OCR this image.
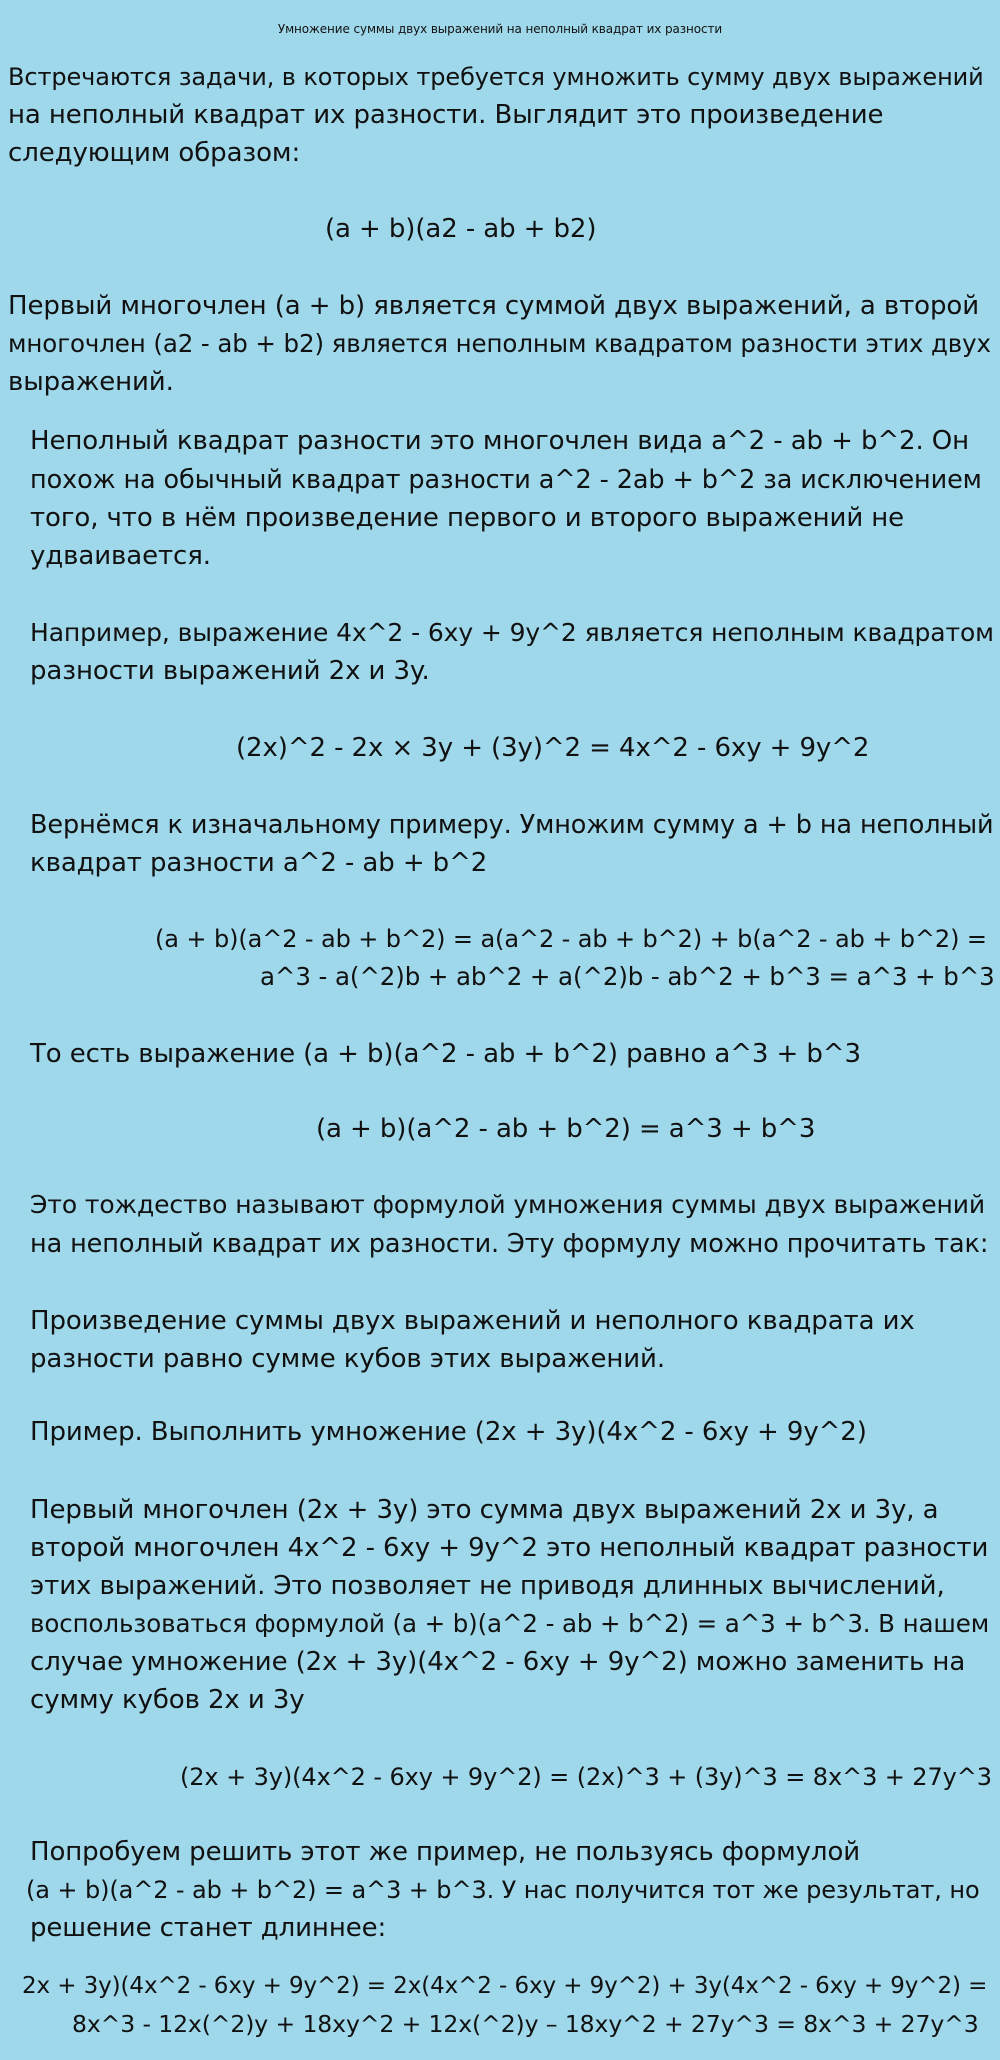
Умножение суммы двух выражений на неполный квадрат их разности
Встречаются задачи, в которых требуется умножить сумму двух выражений
на неполный квадрат их разности. Выглядит это произведение
следующим образом:
(a + b)(a2 - ab + b2)
Первый многочлен (a + b) является суммой двух выражений, а второй
многочлен (a2 - ab + b2) является неполным квадратом разности этих двух
выражений.
Неполный квадрат разности это многочлен вида a^2 - ab + b^2. Он
похож на обычный квадрат разности a^2 - 2ab + b^2 за исключением
того, что в нём произведение первого и второго выражений не
удваивается.
Например, выражение 4x^2 - 6xy + 9y^2 является неполным квадратом
разности выражений 2x и 3y.
(2x)^2 - 2x × 3y + (3y)^2 = 4x^2 - 6xy + 9y^2
Вернёмся к изначальному примеру. Умножим сумму a + b на неполный
квадрат разности a^2 - ab + b^2
(a + b)(a^2 - ab + b^2) = a(a^2 - ab + b^2) + b(a^2 - ab + b^2) =
a^3 - a(^2)b + ab^2 + a(^2)b - ab^2 + b^3 = a^3 + b^3
То есть выражение (a + b)(a^2 - ab + b^2) равно a^3 + b^3
(a + b)(a^2 - ab + b^2) = a^3 + b^3
Это тождество называют формулой умножения суммы двух выражений
на неполный квадрат их разности. Эту формулу можно прочитать так:
Произведение суммы двух выражений и неполного квадрата их
разности равно сумме кубов этих выражений.
Пример. Выполнить умножение (2x + 3y)(4x^2 - 6xy + 9y^2)
Первый многочлен (2x + 3y) это сумма двух выражений 2x и 3y, а
второй многочлен 4x^2 - 6xy + 9y^2 это неполный квадрат разности
этих выражений. Это позволяет не приводя длинных вычислений,
воспользоваться формулой (a + b)(a^2 - ab + b^2) = a^3 + b^3. В нашем
случае умножение (2x + 3y)(4x^2 - 6xy + 9y^2) можно заменить на
сумму кубов 2x и 3y
(2x + 3y)(4x^2 - 6xy + 9y^2) = (2x)^3 + (3y)^3 = 8x^3 + 27y^3
Попробуем решить этот же пример, не пользуясь формулой
(a + b)(a^2 - ab + b^2) = a^3 + b^3. У нас получится тот же результат, но
решение станет длиннее:
2x + 3y)(4x^2 - 6xy + 9y^2) = 2x(4x^2 - 6xy + 9y^2) + 3y(4x^2 - 6xy + 9y^2) =
8x^3 - 12x(^2)y + 18xy^2 + 12x(^2)y – 18xy^2 + 27y^3 = 8x^3 + 27y^3
